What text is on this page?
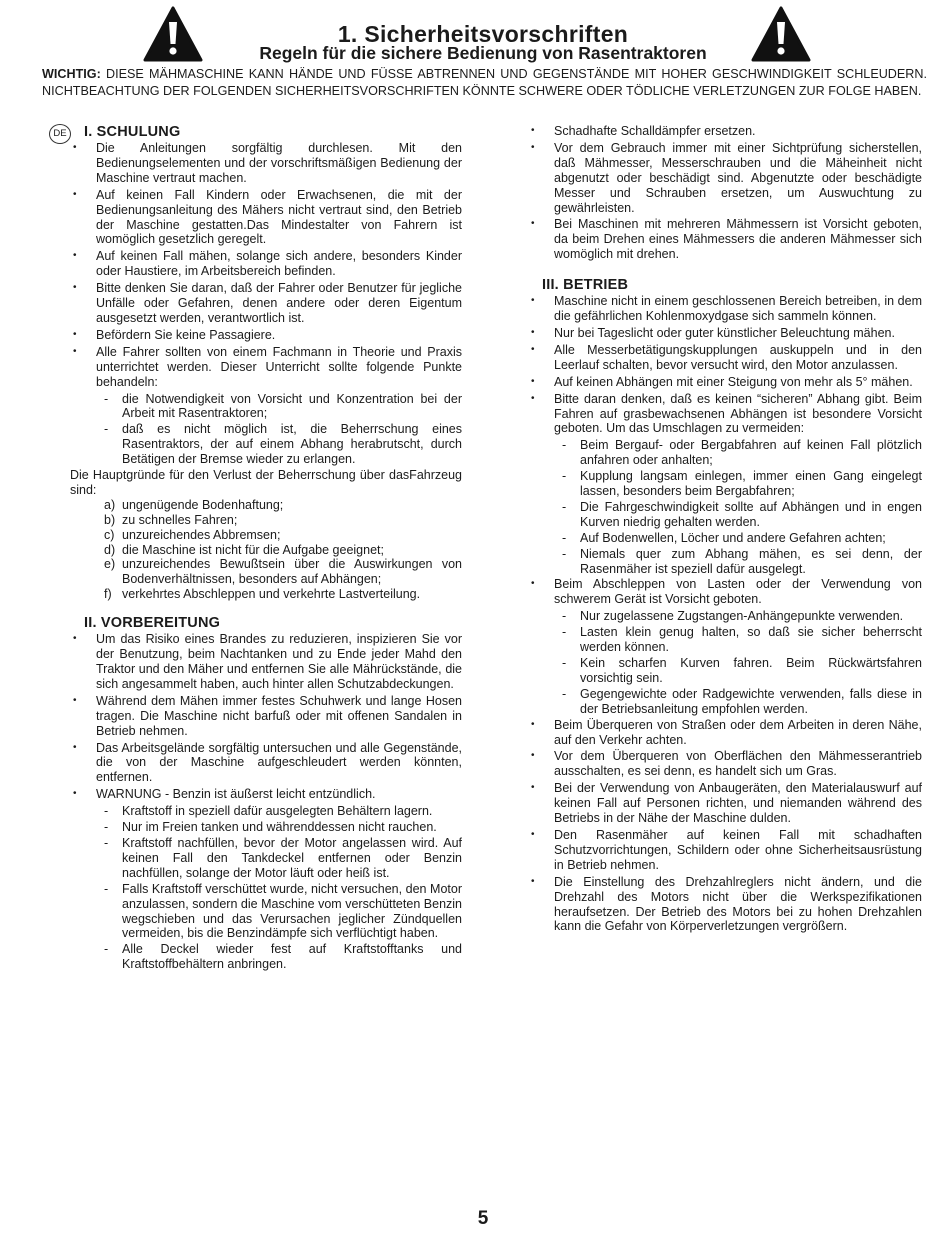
1. Sicherheitsvorschriften
Regeln für die sichere Bedienung von Rasentraktoren
WICHTIG: DIESE MÄHMASCHINE KANN HÄNDE UND FÜSSE ABTRENNEN UND GEGENSTÄNDE MIT HOHER GESCHWINDIGKEIT SCHLEUDERN. NICHTBEACHTUNG DER FOLGENDEN SICHERHEITSVORSCHRIFTEN KÖNNTE SCHWERE ODER TÖDLICHE VERLETZUNGEN ZUR FOLGE HABEN.
DE	I. SCHULUNG
• Die Anleitungen sorgfältig durchlesen. Mit den Bedienungselementen und der vorschriftsmäßigen Bedienung der Maschine vertraut machen.
• Auf keinen Fall Kindern oder Erwachsenen, die mit der Bedienungsanleitung des Mähers nicht vertraut sind, den Betrieb der Maschine gestatten.Das Mindestalter von Fahrern ist womöglich gesetzlich geregelt.
• Auf keinen Fall mähen, solange sich andere, besonders Kinder oder Haustiere, im Arbeitsbereich befinden.
• Bitte denken Sie daran, daß der Fahrer oder Benutzer für jegliche Unfälle oder Gefahren, denen andere oder deren Eigentum ausgesetzt werden, verantwortlich ist.
• Befördern Sie keine Passagiere.
• Alle Fahrer sollten von einem Fachmann in Theorie und Praxis unterrichtet werden. Dieser Unterricht sollte folgende Punkte behandeln:
- die Notwendigkeit von Vorsicht und Konzentration bei der Arbeit mit Rasentraktoren;
- daß es nicht möglich ist, die Beherrschung eines Rasentraktors, der auf einem Abhang herabrutscht, durch Betätigen der Bremse wieder zu erlangen.
Die Hauptgründe für den Verlust der Beherrschung über dasFahrzeug sind:
a) ungenügende Bodenhaftung;
b) zu schnelles Fahren;
c) unzureichendes Abbremsen;
d) die Maschine ist nicht für die Aufgabe geeignet;
e) unzureichendes Bewußtsein über die Auswirkungen von Bodenverhältnissen, besonders auf Abhängen;
f) verkehrtes Abschleppen und verkehrte Lastverteilung.
II. VORBEREITUNG
• Um das Risiko eines Brandes zu reduzieren, inspizieren Sie vor der Benutzung, beim Nachtanken und zu Ende jeder Mahd den Traktor und den Mäher und entfernen Sie alle Mährückstände, die sich angesammelt haben, auch hinter allen Schutzabdeckungen.
• Während dem Mähen immer festes Schuhwerk und lange Hosen tragen. Die Maschine nicht barfuß oder mit offenen Sandalen in Betrieb nehmen.
• Das Arbeitsgelände sorgfältig untersuchen und alle Gegenstände, die von der Maschine aufgeschleudert werden könnten, entfernen.
• WARNUNG - Benzin ist äußerst leicht entzündlich.
- Kraftstoff in speziell dafür ausgelegten Behältern lagern.
- Nur im Freien tanken und währenddessen nicht rauchen.
- Kraftstoff nachfüllen, bevor der Motor angelassen wird. Auf keinen Fall den Tankdeckel entfernen oder Benzin nachfüllen, solange der Motor läuft oder heiß ist.
- Falls Kraftstoff verschüttet wurde, nicht versuchen, den Motor anzulassen, sondern die Maschine vom verschütteten Benzin wegschieben und das Verursachen jeglicher Zündquellen vermeiden, bis die Benzindämpfe sich verflüchtigt haben.
- Alle Deckel wieder fest auf Kraftstofftanks und Kraftstoffbehältern anbringen.
• Schadhafte Schalldämpfer ersetzen.
• Vor dem Gebrauch immer mit einer Sichtprüfung sicherstellen, daß Mähmesser, Messerschrauben und die Mäheinheit nicht abgenutzt oder beschädigt sind. Abgenutzte oder beschädigte Messer und Schrauben ersetzen, um Auswuchtung zu gewährleisten.
• Bei Maschinen mit mehreren Mähmessern ist Vorsicht geboten, da beim Drehen eines Mähmessers die anderen Mähmesser sich womöglich mit drehen.
III. BETRIEB
• Maschine nicht in einem geschlossenen Bereich betreiben, in dem die gefährlichen Kohlenmoxydgase sich sammeln können.
• Nur bei Tageslicht oder guter künstlicher Beleuchtung mähen.
• Alle Messerbetätigungskupplungen auskuppeln und in den Leerlauf schalten, bevor versucht wird, den Motor anzulassen.
• Auf keinen Abhängen mit einer Steigung von mehr als 5° mähen.
• Bitte daran denken, daß es keinen “sicheren” Abhang gibt. Beim Fahren auf grasbewachsenen Abhängen ist besondere Vorsicht geboten. Um das Umschlagen zu vermeiden:
- Beim Bergauf- oder Bergabfahren auf keinen Fall plötzlich anfahren oder anhalten;
- Kupplung langsam einlegen, immer einen Gang eingelegt lassen, besonders beim Bergabfahren;
- Die Fahrgeschwindigkeit sollte auf Abhängen und in engen Kurven niedrig gehalten werden.
- Auf Bodenwellen, Löcher und andere Gefahren achten;
- Niemals quer zum Abhang mähen, es sei denn, der Rasenmäher ist speziell dafür ausgelegt.
• Beim Abschleppen von Lasten oder der Verwendung von schwerem Gerät ist Vorsicht geboten.
- Nur zugelassene Zugstangen-Anhängepunkte verwenden.
- Lasten klein genug halten, so daß sie sicher beherrscht werden können.
- Kein scharfen Kurven fahren. Beim Rückwärtsfahren vorsichtig sein.
- Gegengewichte oder Radgewichte verwenden, falls diese in der Betriebsanleitung empfohlen werden.
• Beim Überqueren von Straßen oder dem Arbeiten in deren Nähe, auf den Verkehr achten.
• Vor dem Überqueren von Oberflächen den Mähmesserantrieb ausschalten, es sei denn, es handelt sich um Gras.
• Bei der Verwendung von Anbaugeräten, den Materialauswurf auf keinen Fall auf Personen richten, und niemanden während des Betriebs in der Nähe der Maschine dulden.
• Den Rasenmäher auf keinen Fall mit schadhaften Schutzvorrichtungen, Schildern oder ohne Sicherheitsausrüstung in Betrieb nehmen.
• Die Einstellung des Drehzahlreglers nicht ändern, und die Drehzahl des Motors nicht über die Werkspezifikationen heraufsetzen. Der Betrieb des Motors bei zu hohen Drehzahlen kann die Gefahr von Körperverletzungen vergrößern.
5
